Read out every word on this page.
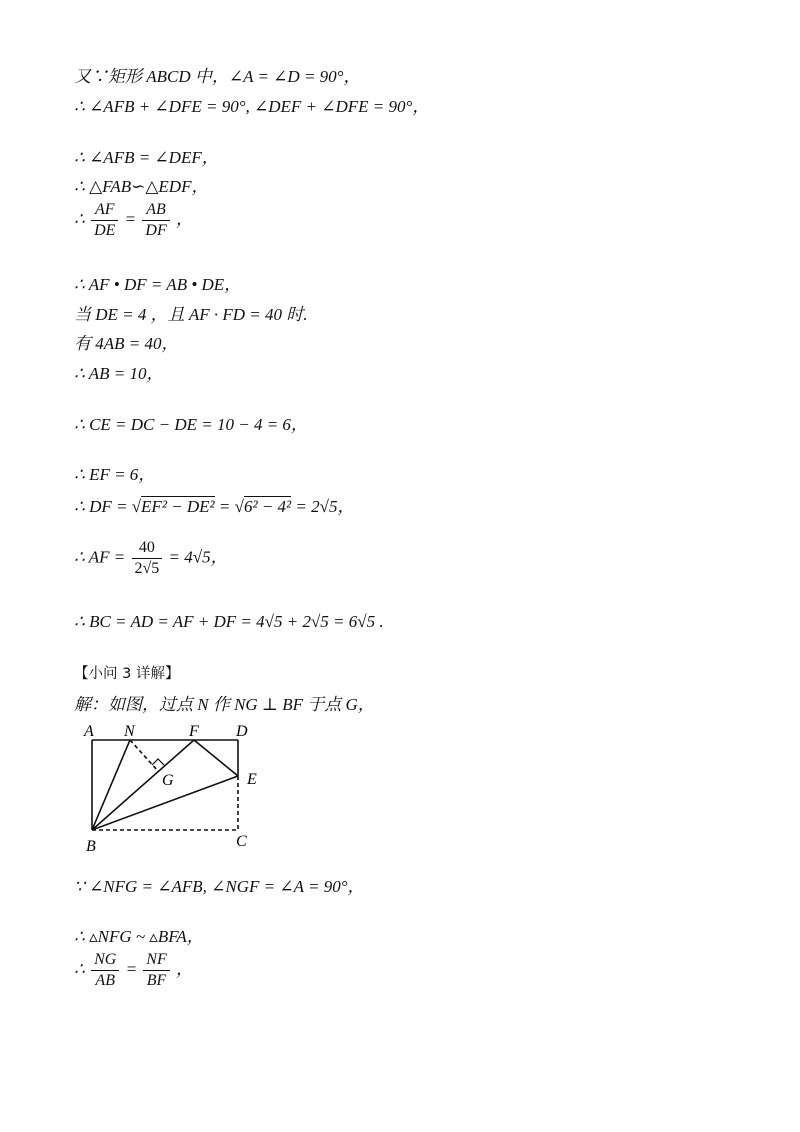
又∵矩形 ABCD 中，∠A = ∠D = 90°，
∴ ∠AFB + ∠DFE = 90°, ∠DEF + ∠DFE = 90°，
∴ ∠AFB = ∠DEF，
∴ △FAB∽△EDF，
∴ $\frac{AF}{DE} = \frac{AB}{DF}$ ，
∴ AF • DF = AB • DE，
当 DE = 4 ，且 AF · FD = 40 时.
有 4AB = 40，
∴ AB = 10，
∴ CE = DC − DE = 10 − 4 = 6，
∴ EF = 6，
∴ DF = √EF² − DE² = √6² − 4² = 2√5，
∴ AF = $\frac{40}{2√5} = 4√5$，
∴ BC = AD = AF + DF = 4√5 + 2√5 = 6√5 .
【小问 3 详解】
解：如图，过点 N 作 NG ⊥ BF 于点 G，
A N	F D
G	E
B	C
∵ ∠NFG = ∠AFB, ∠NGF = ∠A = 90°，
∴ ▵NFG ~ ▵BFA，
∴ $\frac{NG}{AB} = \frac{NF}{BF}$ ，
